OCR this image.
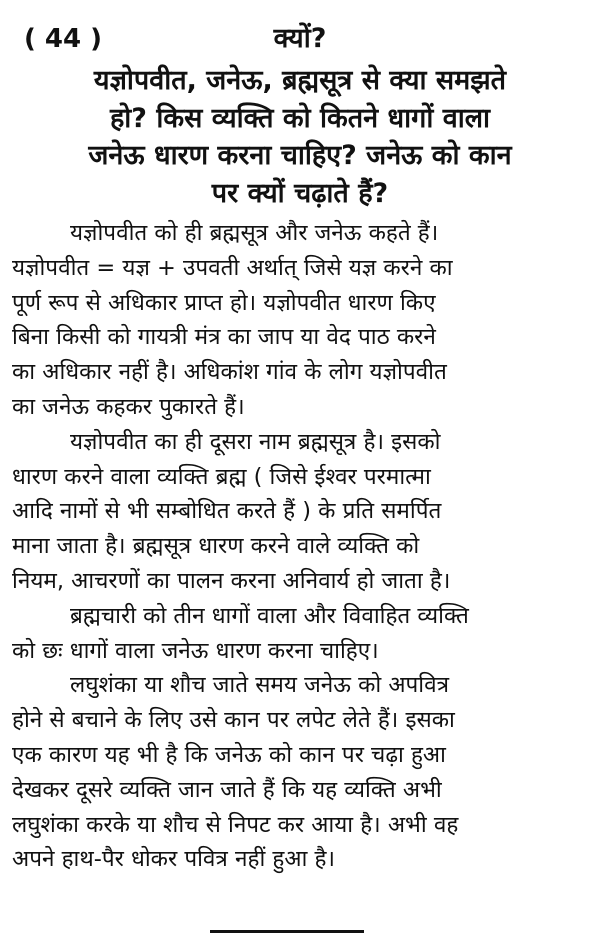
( 44 )	क्यों?
यज्ञोपवीत, जनेऊ, ब्रह्मसूत्र से क्या समझते
हो? किस व्यक्ति को कितने धागों वाला
जनेऊ धारण करना चाहिए? जनेऊ को कान
पर क्यों चढ़ाते हैं?
यज्ञोपवीत को ही ब्रह्मसूत्र और जनेऊ कहते हैं।
यज्ञोपवीत = यज्ञ + उपवती अर्थात् जिसे यज्ञ करने का
पूर्ण रूप से अधिकार प्राप्त हो। यज्ञोपवीत धारण किए
बिना किसी को गायत्री मंत्र का जाप या वेद पाठ करने
का अधिकार नहीं है। अधिकांश गांव के लोग यज्ञोपवीत
का जनेऊ कहकर पुकारते हैं।
यज्ञोपवीत का ही दूसरा नाम ब्रह्मसूत्र है। इसको
धारण करने वाला व्यक्ति ब्रह्म ( जिसे ईश्वर परमात्मा
आदि नामों से भी सम्बोधित करते हैं ) के प्रति समर्पित
माना जाता है। ब्रह्मसूत्र धारण करने वाले व्यक्ति को
नियम, आचरणों का पालन करना अनिवार्य हो जाता है।
ब्रह्मचारी को तीन धागों वाला और विवाहित व्यक्ति
को छः धागों वाला जनेऊ धारण करना चाहिए।
लघुशंका या शौच जाते समय जनेऊ को अपवित्र
होने से बचाने के लिए उसे कान पर लपेट लेते हैं। इसका
एक कारण यह भी है कि जनेऊ को कान पर चढ़ा हुआ
देखकर दूसरे व्यक्ति जान जाते हैं कि यह व्यक्ति अभी
लघुशंका करके या शौच से निपट कर आया है। अभी वह
अपने हाथ-पैर धोकर पवित्र नहीं हुआ है।
